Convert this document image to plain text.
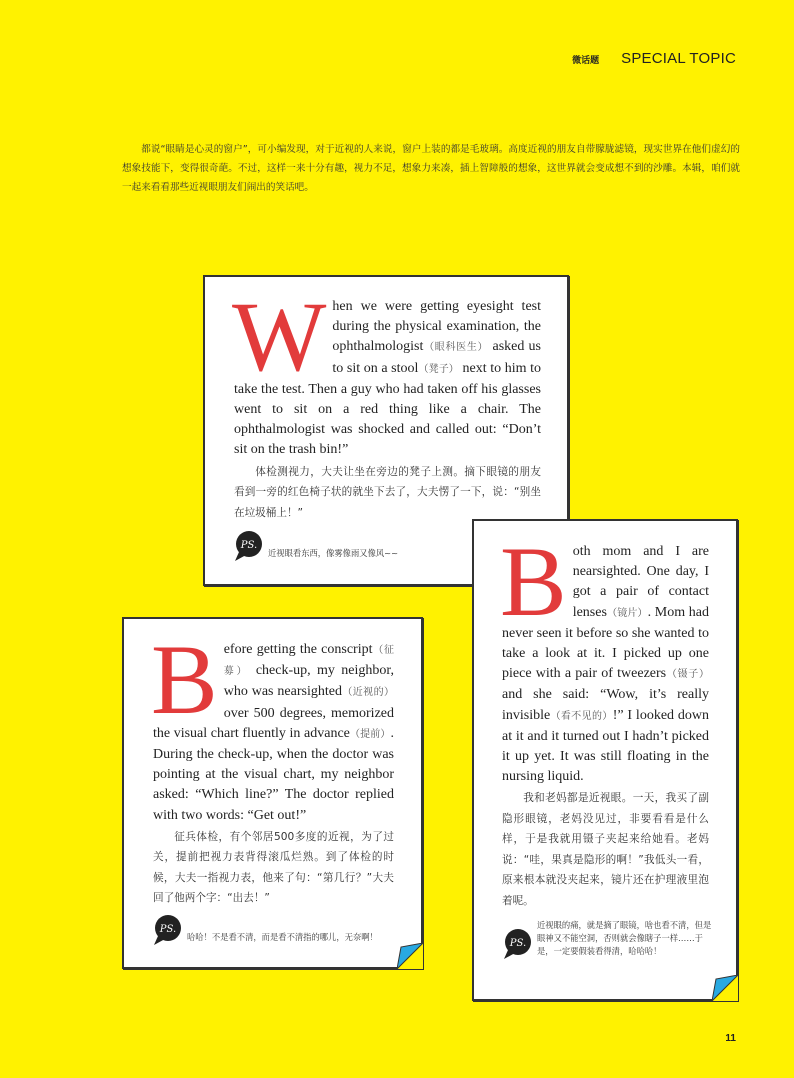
微话题 SPECIAL TOPIC

都说“眼睛是心灵的窗户”，可小编发现，对于近视的人来说，窗户上装的都是毛玻璃。高度近视的朋友自带朦胧滤镜，现实世界在他们虚幻的想象技能下，变得很奇葩。不过，这样一来十分有趣，视力不足，想象力来凑，插上智障般的想象，这世界就会变成想不到的沙雕。本辑，咱们就一起来看看那些近视眼朋友们闹出的笑话吧。

When we were getting eyesight test during the physical examination, the ophthalmologist（眼科医生） asked us to sit on a stool（凳子） next to him to take the test. Then a guy who had taken off his glasses went to sit on a red thing like a chair. The ophthalmologist was shocked and called out: “Don’t sit on the trash bin!”

体检测视力，大夫让坐在旁边的凳子上测。摘下眼镜的朋友看到一旁的红色椅子状的就坐下去了，大夫愣了一下，说：“别坐在垃圾桶上！”

PS.
近视眼看东西，像雾像雨又像风~~

Before getting the conscript（征募） check-up, my neighbor, who was nearsighted（近视的） over 500 degrees, memorized the visual chart fluently in advance（提前）. During the check-up, when the doctor was pointing at the visual chart, my neighbor asked: “Which line?” The doctor replied with two words: “Get out!”

征兵体检，有个邻居500多度的近视，为了过关，提前把视力表背得滚瓜烂熟。到了体检的时候，大夫一指视力表，他来了句：“第几行？”大夫回了他两个字：“出去！”

PS.
哈哈！不是看不清，而是看不清指的哪儿，无奈啊！

Both mom and I are nearsighted. One day, I got a pair of contact lenses（镜片）. Mom had never seen it before so she wanted to take a look at it. I picked up one piece with a pair of tweezers（镊子） and she said: “Wow, it’s really invisible（看不见的）!” I looked down at it and it turned out I hadn’t picked it up yet. It was still floating in the nursing liquid.

我和老妈都是近视眼。一天，我买了副隐形眼镜，老妈没见过，非要看看是什么样，于是我就用镊子夹起来给她看。老妈说：“哇，果真是隐形的啊！”我低头一看，原来根本就没夹起来，镜片还在护理液里泡着呢。

PS.
近视眼的痛，就是摘了眼镜，啥也看不清，但是眼神又不能空洞，否则就会像瞎子一样……于是，一定要假装看得清，哈哈哈！
11
